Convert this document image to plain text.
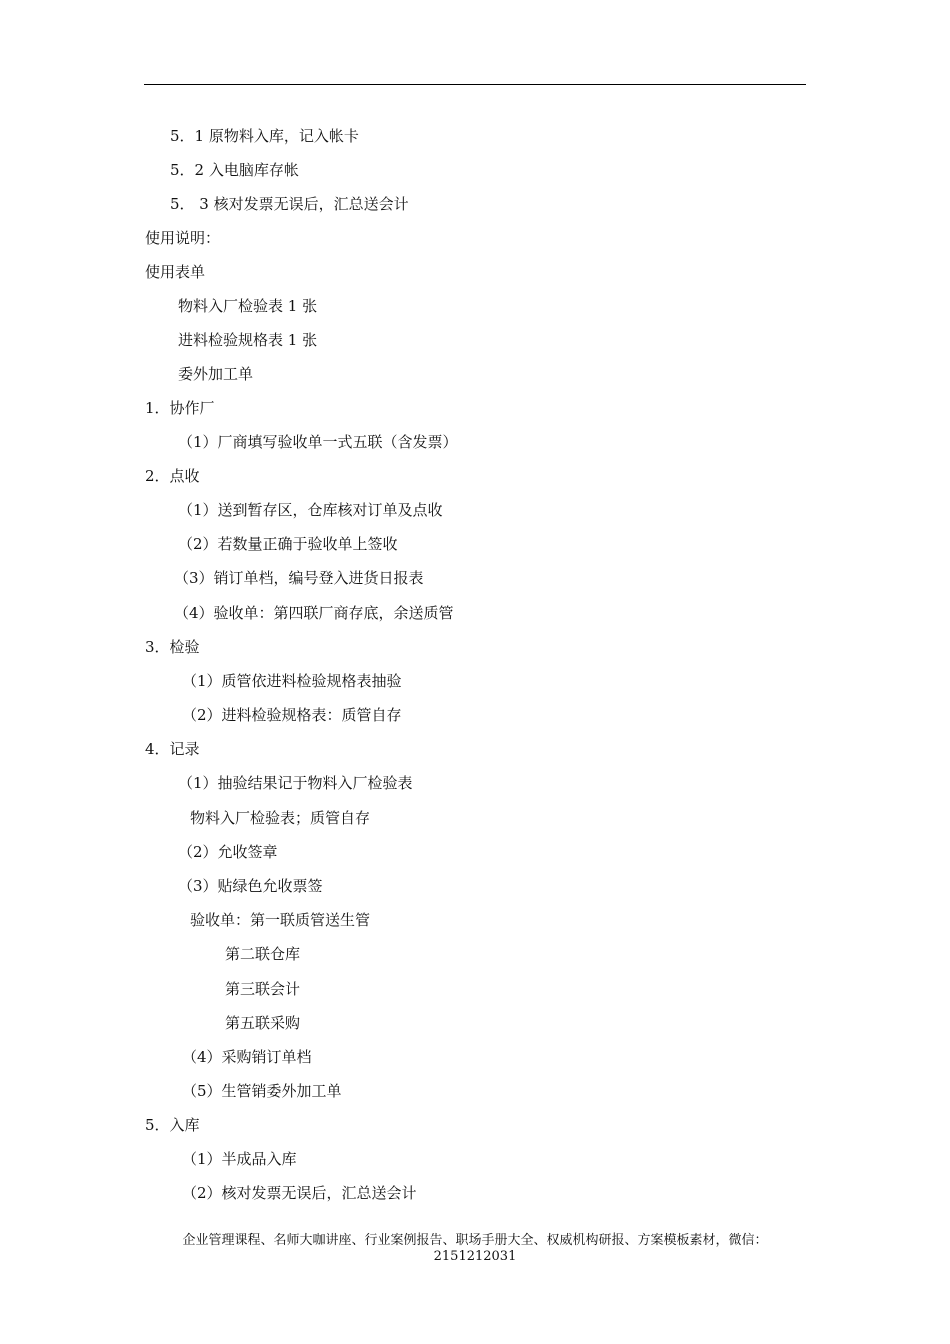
5．1 原物料入库，记入帐卡
5．2 入电脑库存帐
5． 3 核对发票无误后，汇总送会计
使用说明：
使用表单
物料入厂检验表 1 张
进料检验规格表 1 张
委外加工单
1．协作厂
（1）厂商填写验收单一式五联（含发票）
2．点收
（1）送到暂存区，仓库核对订单及点收
（2）若数量正确于验收单上签收
（3）销订单档，编号登入进货日报表
（4）验收单：第四联厂商存底，余送质管
3．检验
（1）质管依进料检验规格表抽验
（2）进料检验规格表：质管自存
4．记录
（1）抽验结果记于物料入厂检验表
物料入厂检验表；质管自存
（2）允收签章
（3）贴绿色允收票签
验收单：第一联质管送生管
第二联仓库
第三联会计
第五联采购
（4）采购销订单档
（5）生管销委外加工单
5．入库
（1）半成品入库
（2）核对发票无误后，汇总送会计
企业管理课程、名师大咖讲座、行业案例报告、职场手册大全、权威机构研报、方案模板素材，微信：
2151212031
